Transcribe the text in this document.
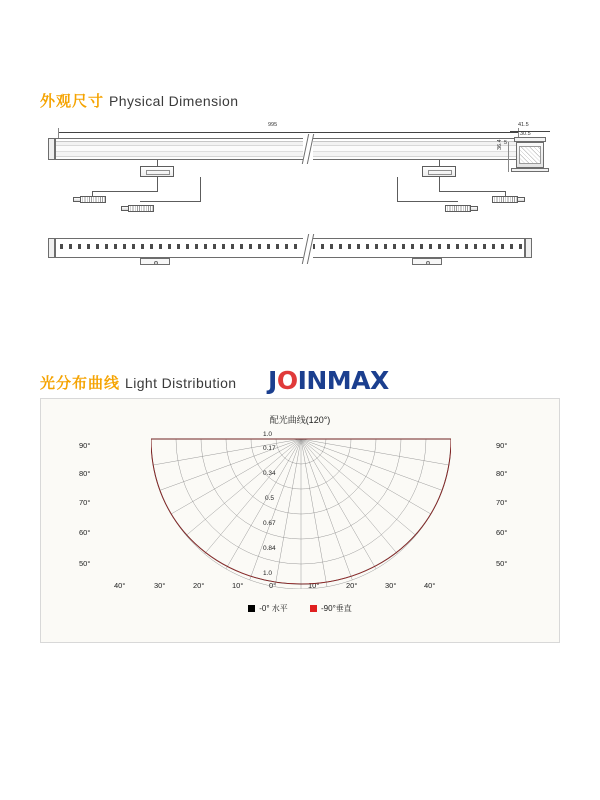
外观尺寸 Physical Dimension
995	41.5
30.5
36.4 5
光分布曲线 Light Distribution JOINMAX
配光曲线(120°)
90°
80°
70°
60°
50°
90°
80°
70°
60°
50°
40°	30°	20°	10°	0°	10°	20°	30°	40°
1.0
0.17
0.34
0.5
0.67
0.84
1.0
-0° 水平	-90°垂直
